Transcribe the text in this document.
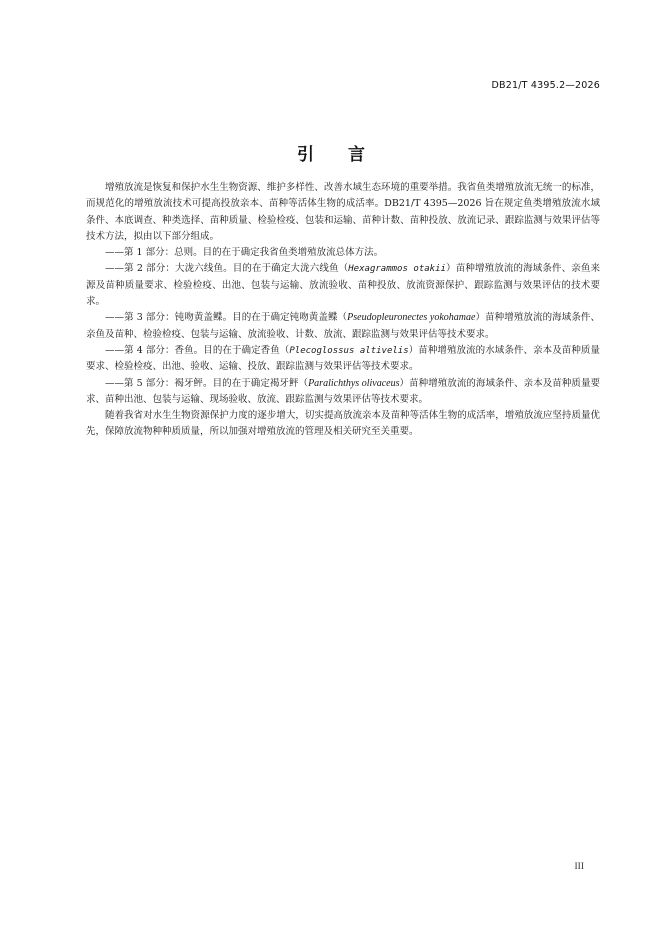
DB21/T 4395.2—2026
引言

增殖放流是恢复和保护水生生物资源、维护多样性、改善水域生态环境的重要举措。我省鱼类增殖放流无统一的标准，而规范化的增殖放流技术可提高投放亲本、苗种等活体生物的成活率。DB21/T 4395—2026 旨在规定鱼类增殖放流水域条件、本底调查、种类选择、苗种质量、检验检疫、包装和运输、苗种计数、苗种投放、放流记录、跟踪监测与效果评估等技术方法，拟由以下部分组成。

——第 1 部分：总则。目的在于确定我省鱼类增殖放流总体方法。

——第 2 部分：大泷六线鱼。目的在于确定大泷六线鱼（Hexagrammos otakii）苗种增殖放流的海域条件、亲鱼来源及苗种质量要求、检验检疫、出池、包装与运输、放流验收、苗种投放、放流资源保护、跟踪监测与效果评估的技术要求。

——第 3 部分：钝吻黄盖鲽。目的在于确定钝吻黄盖鲽（Pseudopleuronectes yokohamae）苗种增殖放流的海域条件、亲鱼及苗种、检验检疫、包装与运输、放流验收、计数、放流、跟踪监测与效果评估等技术要求。

——第 4 部分：香鱼。目的在于确定香鱼（Plecoglossus altivelis）苗种增殖放流的水域条件、亲本及苗种质量要求、检验检疫、出池、验收、运输、投放、跟踪监测与效果评估等技术要求。

——第 5 部分：褐牙鲆。目的在于确定褐牙鲆（Paralichthys olivaceus）苗种增殖放流的海域条件、亲本及苗种质量要求、苗种出池、包装与运输、现场验收、放流、跟踪监测与效果评估等技术要求。

随着我省对水生生物资源保护力度的逐步增大，切实提高放流亲本及苗种等活体生物的成活率，增殖放流应坚持质量优先，保障放流物种种质质量，所以加强对增殖放流的管理及相关研究至关重要。

III
